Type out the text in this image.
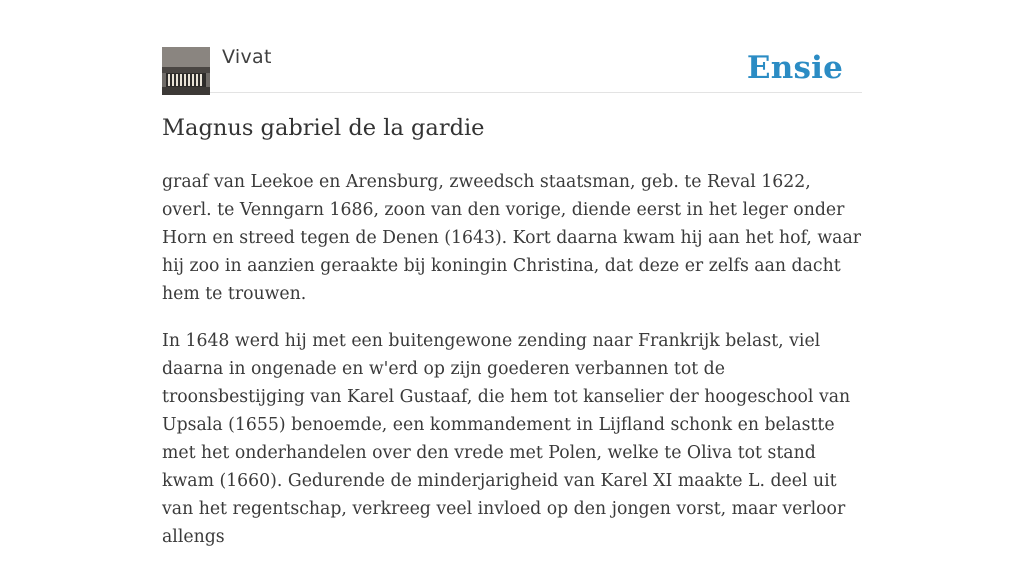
Vivat	Ensie
Magnus gabriel de la gardie

graaf van Leekoe en Arensburg, zweedsch staatsman, geb. te Reval 1622, overl. te Venngarn 1686, zoon van den vorige, diende eerst in het leger onder Horn en streed tegen de Denen (1643). Kort daarna kwam hij aan het hof, waar hij zoo in aanzien geraakte bij koningin Christina, dat deze er zelfs aan dacht hem te trouwen.

In 1648 werd hij met een buitengewone zending naar Frankrijk belast, viel daarna in ongenade en w'erd op zijn goederen verbannen tot de troonsbestijging van Karel Gustaaf, die hem tot kanselier der hoogeschool van Upsala (1655) benoemde, een kommandement in Lijfland schonk en belastte met het onderhandelen over den vrede met Polen, welke te Oliva tot stand kwam (1660). Gedurende de minderjarigheid van Karel XI maakte L. deel uit van het regentschap, verkreeg veel invloed op den jongen vorst, maar verloor allengs
